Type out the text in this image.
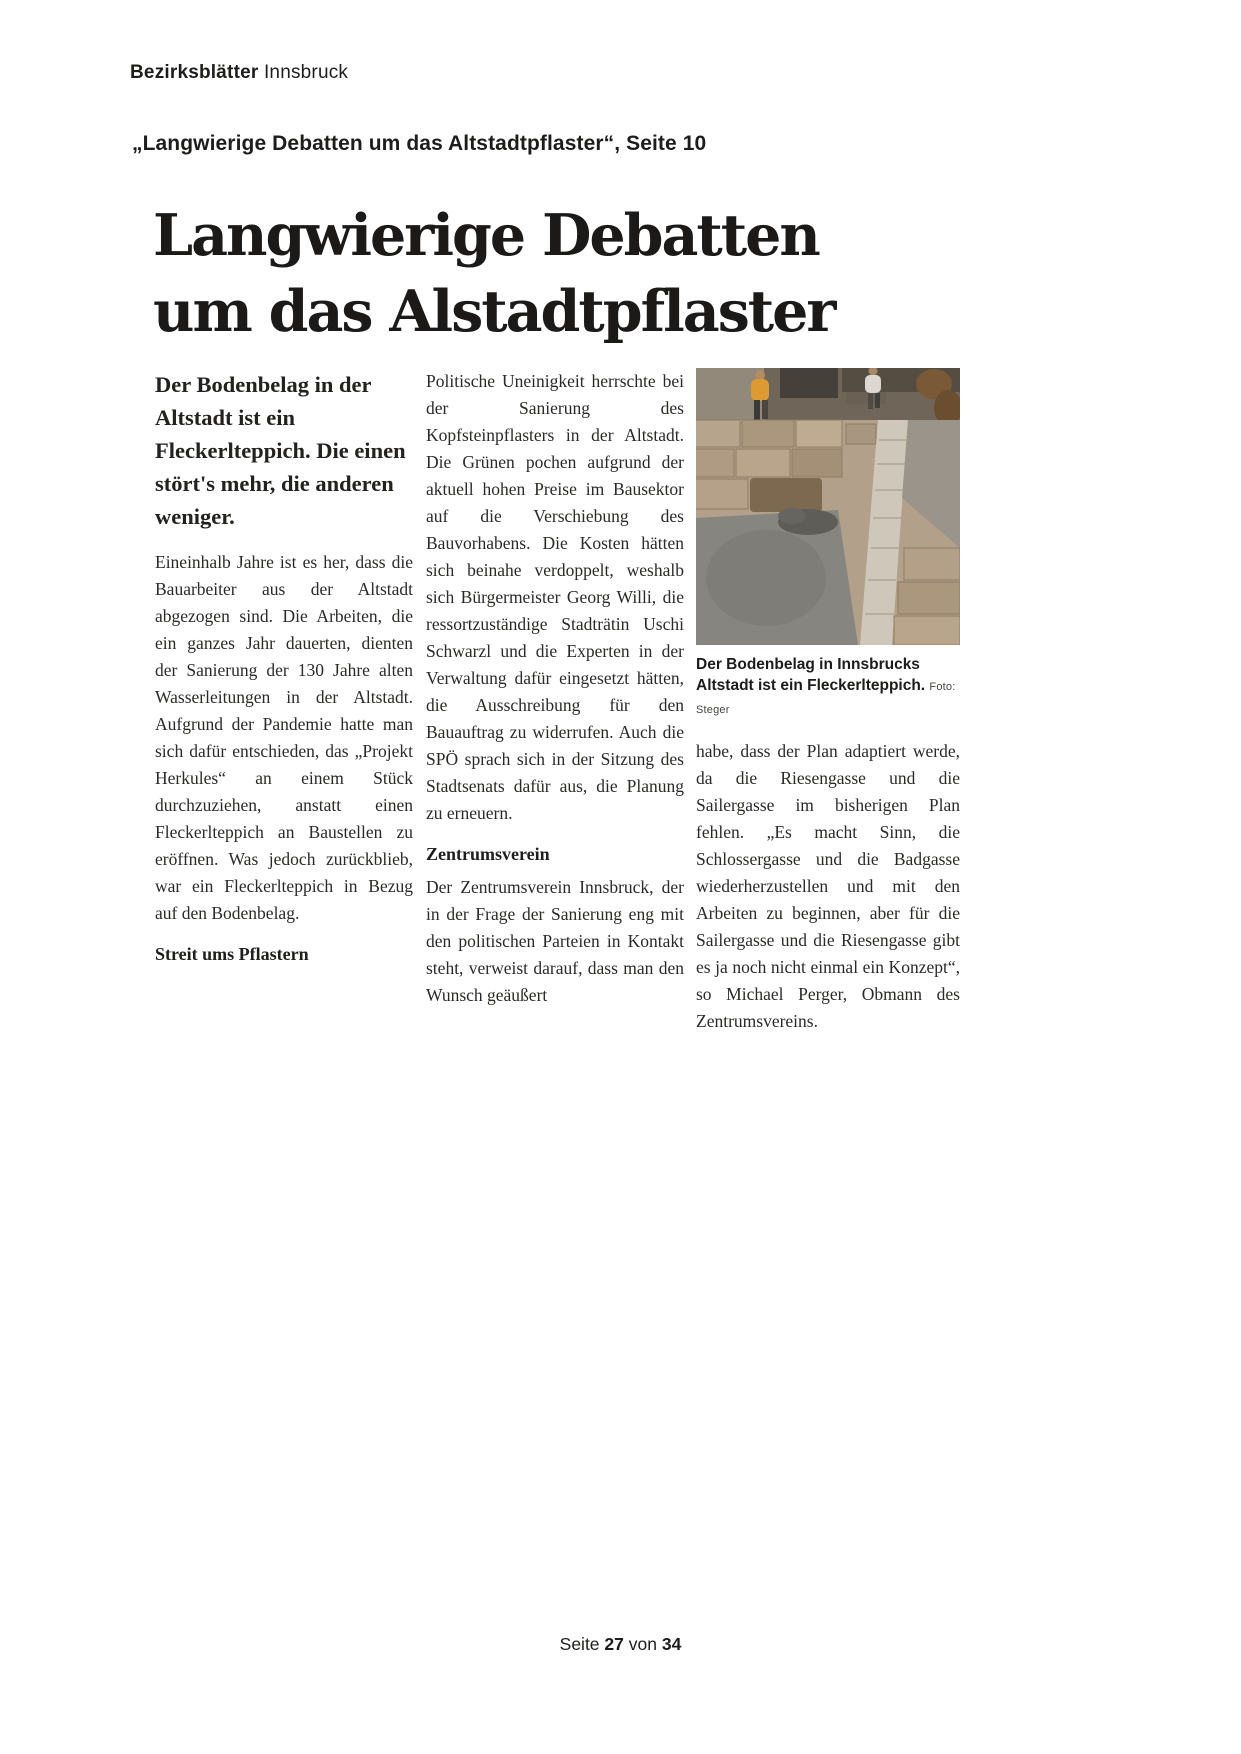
Bezirksblätter Innsbruck
„Langwierige Debatten um das Altstadtpflaster“, Seite 10
Langwierige Debatten
um das Alstadtpflaster

Der Bodenbelag in der Altstadt ist ein Fleckerlteppich. Die einen stört's mehr, die anderen weniger.

Eineinhalb Jahre ist es her, dass die Bauarbeiter aus der Altstadt abgezogen sind. Die Arbeiten, die ein ganzes Jahr dauerten, dienten der Sanierung der 130 Jahre alten Wasserleitungen in der Altstadt. Aufgrund der Pandemie hatte man sich dafür entschieden, das „Projekt Herkules“ an einem Stück durchzuziehen, anstatt einen Fleckerlteppich an Baustellen zu eröffnen. Was jedoch zurückblieb, war ein Fleckerlteppich in Bezug auf den Bodenbelag.

Streit ums Pflastern

Politische Uneinigkeit herrschte bei der Sanierung des Kopfsteinpflasters in der Altstadt. Die Grünen pochen aufgrund der aktuell hohen Preise im Bausektor auf die Verschiebung des Bauvorhabens. Die Kosten hätten sich beinahe verdoppelt, weshalb sich Bürgermeister Georg Willi, die ressortzuständige Stadträtin Uschi Schwarzl und die Experten in der Verwaltung dafür eingesetzt hätten, die Ausschreibung für den Bauauftrag zu widerrufen. Auch die SPÖ sprach sich in der Sitzung des Stadtsenats dafür aus, die Planung zu erneuern.

Zentrumsverein

Der Zentrumsverein Innsbruck, der in der Frage der Sanierung eng mit den politischen Parteien in Kontakt steht, verweist darauf, dass man den Wunsch geäußert

Der Bodenbelag in Innsbrucks Altstadt ist ein Fleckerlteppich. Foto: Steger

habe, dass der Plan adaptiert werde, da die Riesengasse und die Sailergasse im bisherigen Plan fehlen. „Es macht Sinn, die Schlossergasse und die Badgasse wiederherzustellen und mit den Arbeiten zu beginnen, aber für die Sailergasse und die Riesengasse gibt es ja noch nicht einmal ein Konzept“, so Michael Perger, Obmann des Zentrumsvereins.

Seite 27 von 34
